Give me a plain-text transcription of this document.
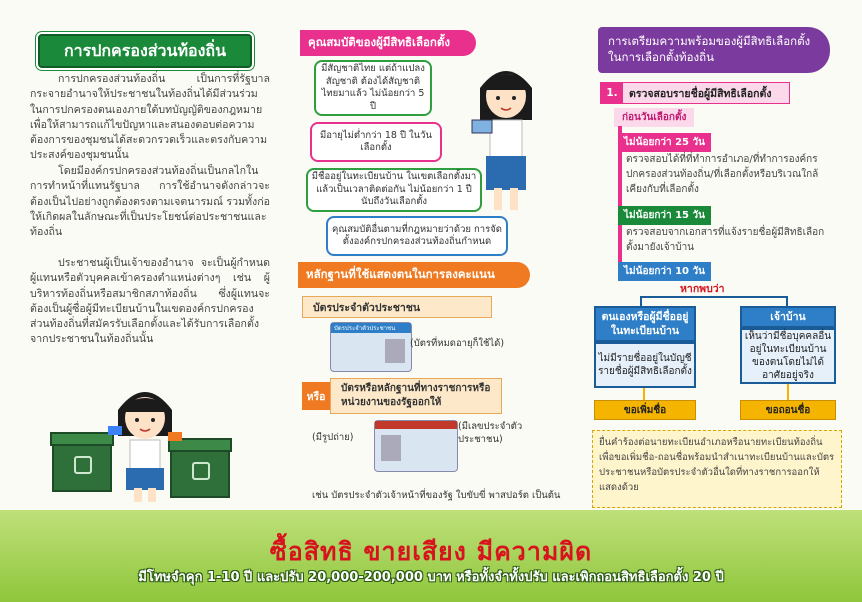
การปกครองส่วนท้องถิ่น

การปกครองส่วนท้องถิ่น เป็นการที่รัฐบาลกระจายอำนาจให้ประชาชนในท้องถิ่นได้มีส่วนร่วมในการปกครองตนเองภายใต้บทบัญญัติของกฎหมาย เพื่อให้สามารถแก้ไขปัญหาและสนองตอบต่อความต้องการของชุมชนได้สะดวกรวดเร็วและตรงกับความประสงค์ของชุมชนนั้น

โดยมีองค์กรปกครองส่วนท้องถิ่นเป็นกลไกในการทำหน้าที่แทนรัฐบาล การใช้อำนาจดังกล่าวจะต้องเป็นไปอย่างถูกต้องตรงตามเจตนารมณ์ รวมทั้งก่อให้เกิดผลในลักษณะที่เป็นประโยชน์ต่อประชาชนและท้องถิ่น

ประชาชนผู้เป็นเจ้าของอำนาจ จะเป็นผู้กำหนดผู้แทนหรือตัวบุคคลเข้าครองตำแหน่งต่างๆ เช่น ผู้บริหารท้องถิ่นหรือสมาชิกสภาท้องถิ่น ซึ่งผู้แทนจะต้องเป็นผู้ซื่อผู้มีทะเบียนบ้านในเขตองค์กรปกครองส่วนท้องถิ่นที่สมัครรับเลือกตั้งและได้รับการเลือกตั้งจากประชาชนในท้องถิ่นนั้น

คุณสมบัติของผู้มีสิทธิเลือกตั้ง
มีสัญชาติไทย แต่ถ้าแปลงสัญชาติ ต้องได้สัญชาติไทยมาแล้ว ไม่น้อยกว่า 5 ปี
มีอายุไม่ต่ำกว่า 18 ปี ในวันเลือกตั้ง
มีชื่ออยู่ในทะเบียนบ้าน ในเขตเลือกตั้งมาแล้วเป็นเวลาติดต่อกัน ไม่น้อยกว่า 1 ปีนับถึงวันเลือกตั้ง
คุณสมบัติอื่นตามที่กฎหมายว่าด้วย การจัดตั้งองค์กรปกครองส่วนท้องถิ่นกำหนด
หลักฐานที่ใช้แสดงตนในการลงคะแนน
บัตรประจำตัวประชาชน
บัตรประจำตัวประชาชน
(บัตรที่หมดอายุก็ใช้ได้)
หรือ
บัตรหรือหลักฐานที่ทางราชการหรือ หน่วยงานของรัฐออกให้
(มีรูปถ่าย)
(มีเลขประจำตัว ประชาชน)
เช่น บัตรประจำตัวเจ้าหน้าที่ของรัฐ ใบขับขี่ พาสปอร์ต เป็นต้น
การเตรียมความพร้อมของผู้มีสิทธิเลือกตั้ง ในการเลือกตั้งท้องถิ่น
1.	ตรวจสอบรายชื่อผู้มีสิทธิเลือกตั้ง
ก่อนวันเลือกตั้ง
ไม่น้อยกว่า 25 วัน
ตรวจสอบได้ที่ที่ทำการอำเภอ/ที่ทำการองค์กรปกครองส่วนท้องถิ่น/ที่เลือกตั้งหรือบริเวณใกล้เคียงกับที่เลือกตั้ง
ไม่น้อยกว่า 15 วัน
ตรวจสอบจากเอกสารที่แจ้งรายชื่อผู้มีสิทธิเลือกตั้งมายังเจ้าบ้าน
ไม่น้อยกว่า 10 วัน
หากพบว่า
ตนเองหรือผู้มีชื่ออยู่ในทะเบียนบ้าน
เจ้าบ้าน
ไม่มีรายชื่ออยู่ในบัญชีรายชื่อผู้มีสิทธิเลือกตั้ง
เห็นว่ามีชื่อบุคคลอื่นอยู่ในทะเบียนบ้านของตนโดยไม่ได้อาศัยอยู่จริง
ขอเพิ่มชื่อ	ขอถอนชื่อ
ยื่นคำร้องต่อนายทะเบียนอำเภอหรือนายทะเบียนท้องถิ่นเพื่อขอเพิ่มชื่อ-ถอนชื่อพร้อมนำสำเนาทะเบียนบ้านและบัตรประชาชนหรือบัตรประจำตัวอื่นใดที่ทางราชการออกให้แสดงด้วย
ซื้อสิทธิ ขายเสียง มีความผิด
มีโทษจำคุก 1-10 ปี และปรับ 20,000-200,000 บาท หรือทั้งจำทั้งปรับ และเพิกถอนสิทธิเลือกตั้ง 20 ปี
